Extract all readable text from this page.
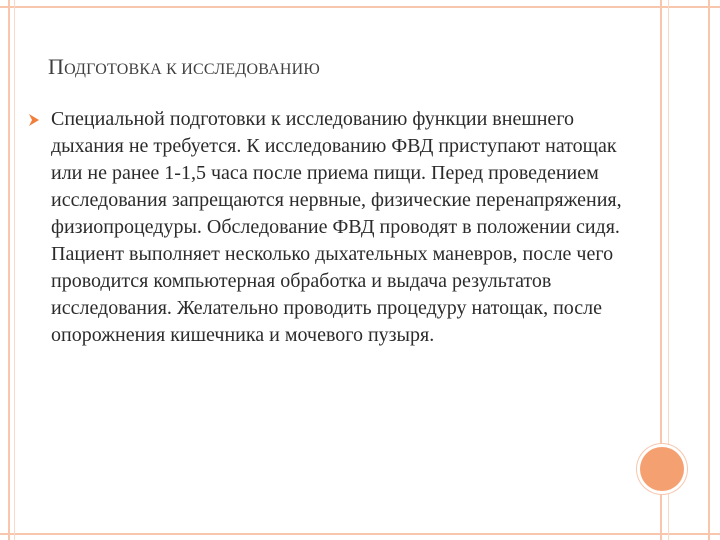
ПОДГОТОВКА К ИССЛЕДОВАНИЮ

Специальной подготовки к исследованию функции внешнего дыхания не требуется. К исследованию ФВД приступают натощак или не ранее 1-1,5 часа после приема пищи. Перед проведением исследования запрещаются нервные, физические перенапряжения, физиопроцедуры. Обследование ФВД проводят в положении сидя. Пациент выполняет несколько дыхательных маневров, после чего проводится компьютерная обработка и выдача результатов исследования. Желательно проводить процедуру натощак, после опорожнения кишечника и мочевого пузыря.
